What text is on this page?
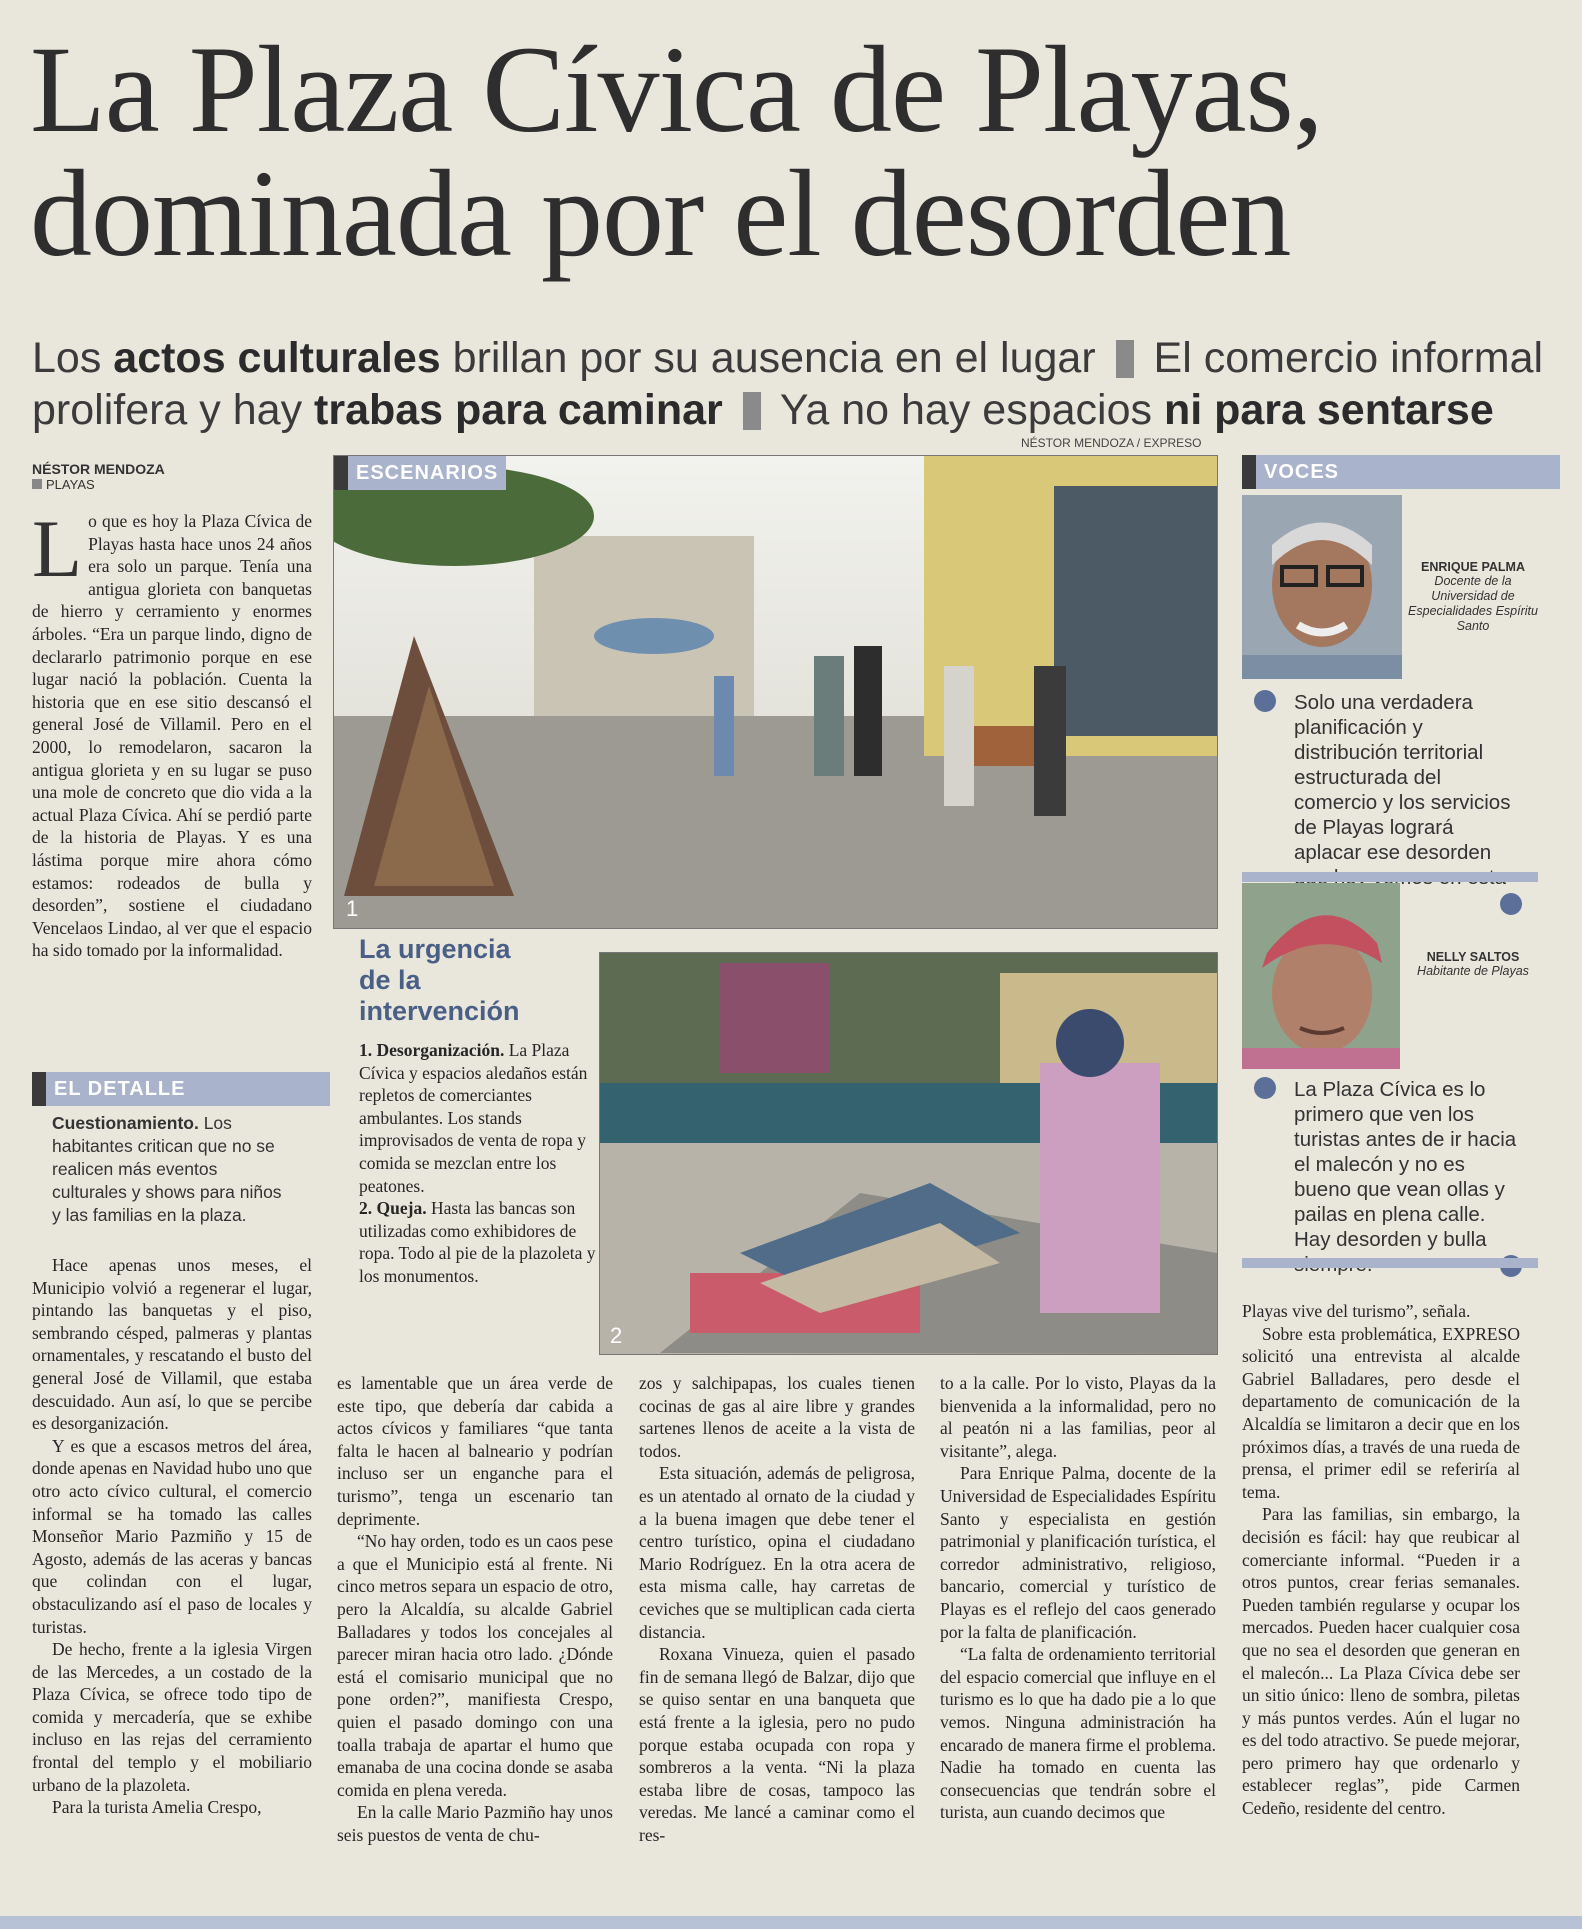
La Plaza Cívica de Playas,
dominada por el desorden
Los actos culturales brillan por su ausencia en el lugar  El comercio informal prolifera y hay trabas para caminar  Ya no hay espacios ni para sentarse
NÉSTOR MENDOZA / EXPRESO
NÉSTOR MENDOZA
PLAYAS

Lo que es hoy la Plaza Cívica de Playas hasta hace unos 24 años era solo un parque. Tenía una antigua glorieta con banquetas de hierro y cerramiento y enormes árboles. “Era un parque lindo, digno de declararlo patrimonio porque en ese lugar nació la población. Cuenta la historia que en ese sitio descansó el general José de Villamil. Pero en el 2000, lo remodelaron, sacaron la antigua glorieta y en su lugar se puso una mole de concreto que dio vida a la actual Plaza Cívica. Ahí se perdió parte de la historia de Playas. Y es una lástima porque mire ahora cómo estamos: rodeados de bulla y desorden”, sostiene el ciudadano Vencelaos Lindao, al ver que el espacio ha sido tomado por la informalidad.

EL DETALLE
Cuestionamiento. Los habitantes critican que no se realicen más eventos culturales y shows para niños y las familias en la plaza.

Hace apenas unos meses, el Municipio volvió a regenerar el lugar, pintando las banquetas y el piso, sembrando césped, palmeras y plantas ornamentales, y rescatando el busto del general José de Villamil, que estaba descuidado. Aun así, lo que se percibe es desorganización.

Y es que a escasos metros del área, donde apenas en Navidad hubo uno que otro acto cívico cultural, el comercio informal se ha tomado las calles Monseñor Mario Pazmiño y 15 de Agosto, además de las aceras y bancas que colindan con el lugar, obstaculizando así el paso de locales y turistas.

De hecho, frente a la iglesia Virgen de las Mercedes, a un costado de la Plaza Cívica, se ofrece todo tipo de comida y mercadería, que se exhibe incluso en las rejas del cerramiento frontal del templo y el mobiliario urbano de la plazoleta.

Para la turista Amelia Crespo,

ESCENARIOS
1
La urgencia de la intervención
1. Desorganización. La Plaza Cívica y espacios aledaños están repletos de comerciantes ambulantes. Los stands improvisados de venta de ropa y comida se mezclan entre los peatones.
2. Queja. Hasta las bancas son utilizadas como exhibidores de ropa. Todo al pie de la plazoleta y los monumentos.
2

es lamentable que un área verde de este tipo, que debería dar cabida a actos cívicos y familiares “que tanta falta le hacen al balneario y podrían incluso ser un enganche para el turismo”, tenga un escenario tan deprimente.

“No hay orden, todo es un caos pese a que el Municipio está al frente. Ni cinco metros separa un espacio de otro, pero la Alcaldía, su alcalde Gabriel Balladares y todos los concejales al parecer miran hacia otro lado. ¿Dónde está el comisario municipal que no pone orden?”, manifiesta Crespo, quien el pasado domingo con una toalla trabaja de apartar el humo que emanaba de una cocina donde se asaba comida en plena vereda.

En la calle Mario Pazmiño hay unos seis puestos de venta de chu-

zos y salchipapas, los cuales tienen cocinas de gas al aire libre y grandes sartenes llenos de aceite a la vista de todos.

Esta situación, además de peligrosa, es un atentado al ornato de la ciudad y a la buena imagen que debe tener el centro turístico, opina el ciudadano Mario Rodríguez. En la otra acera de esta misma calle, hay carretas de ceviches que se multiplican cada cierta distancia.

Roxana Vinueza, quien el pasado fin de semana llegó de Balzar, dijo que se quiso sentar en una banqueta que está frente a la iglesia, pero no pudo porque estaba ocupada con ropa y sombreros a la venta. “Ni la plaza estaba libre de cosas, tampoco las veredas. Me lancé a caminar como el res-

to a la calle. Por lo visto, Playas da la bienvenida a la informalidad, pero no al peatón ni a las familias, peor al visitante”, alega.

Para Enrique Palma, docente de la Universidad de Especialidades Espíritu Santo y especialista en gestión patrimonial y planificación turística, el corredor administrativo, religioso, bancario, comercial y turístico de Playas es el reflejo del caos generado por la falta de planificación.

“La falta de ordenamiento territorial del espacio comercial que influye en el turismo es lo que ha dado pie a lo que vemos. Ninguna administración ha encarado de manera firme el problema. Nadie ha tomado en cuenta las consecuencias que tendrán sobre el turista, aun cuando decimos que

VOCES
ENRIQUE PALMA
Docente de la Universidad de Especialidades Espíritu Santo
Solo una verdadera planificación y distribución territorial estructurada del comercio y los servicios de Playas logrará aplacar ese desorden
NELLY SALTOS
Habitante de Playas
La Plaza Cívica es lo primero que ven los turistas antes de ir hacia el malecón y no es bueno que vean ollas y pailas en plena calle. Hay desorden y bulla

Playas vive del turismo”, señala.

Sobre esta problemática, EXPRESO solicitó una entrevista al alcalde Gabriel Balladares, pero desde el departamento de comunicación de la Alcaldía se limitaron a decir que en los próximos días, a través de una rueda de prensa, el primer edil se referiría al tema.

Para las familias, sin embargo, la decisión es fácil: hay que reubicar al comerciante informal. “Pueden ir a otros puntos, crear ferias semanales. Pueden también regularse y ocupar los mercados. Pueden hacer cualquier cosa que no sea el desorden que generan en el malecón... La Plaza Cívica debe ser un sitio único: lleno de sombra, piletas y más puntos verdes. Aún el lugar no es del todo atractivo. Se puede mejorar, pero primero hay que ordenarlo y establecer reglas”, pide Carmen Cedeño, residente del centro.
